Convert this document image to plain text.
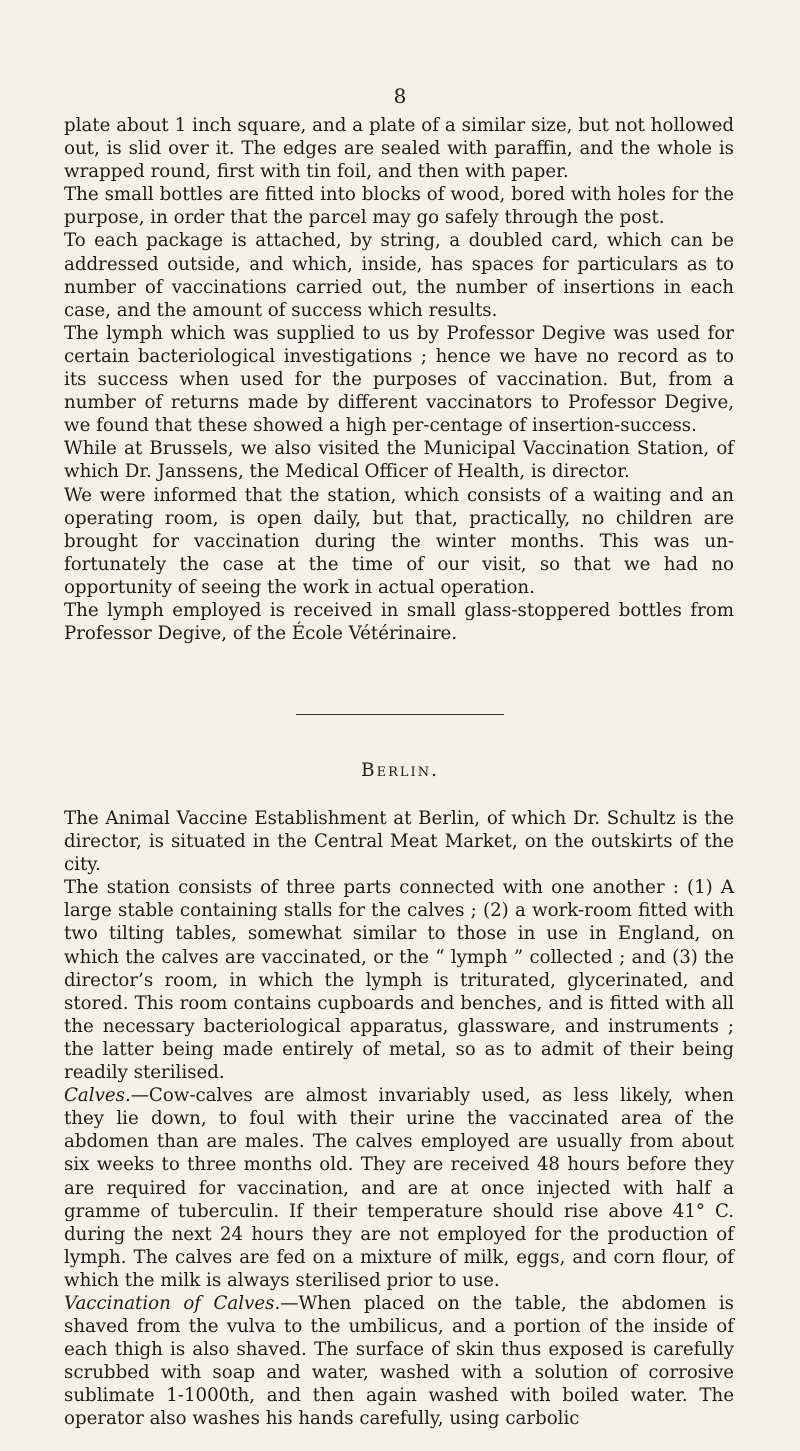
8

plate about 1 inch square, and a plate of a similar size, but not hollowed out, is slid over it. The edges are sealed with paraffin, and the whole is wrapped round, first with tin foil, and then with paper.

The small bottles are fitted into blocks of wood, bored with holes for the purpose, in order that the parcel may go safely through the post.

To each package is attached, by string, a doubled card, which can be addressed outside, and which, inside, has spaces for particulars as to number of vaccinations carried out, the number of insertions in each case, and the amount of success which results.

The lymph which was supplied to us by Professor Degive was used for certain bacteriological investigations ; hence we have no record as to its success when used for the purposes of vaccination. But, from a number of returns made by different vaccinators to Professor Degive, we found that these showed a high per-centage of insertion-success.

While at Brussels, we also visited the Municipal Vaccination Station, of which Dr. Janssens, the Medical Officer of Health, is director.

We were informed that the station, which consists of a waiting and an operating room, is open daily, but that, practically, no children are brought for vaccination during the winter months. This was un-fortunately the case at the time of our visit, so that we had no opportunity of seeing the work in actual operation.

The lymph employed is received in small glass-stoppered bottles from Professor Degive, of the École Vétérinaire.

Berlin.

The Animal Vaccine Establishment at Berlin, of which Dr. Schultz is the director, is situated in the Central Meat Market, on the outskirts of the city.

The station consists of three parts connected with one another : (1) A large stable containing stalls for the calves ; (2) a work-room fitted with two tilting tables, somewhat similar to those in use in England, on which the calves are vaccinated, or the “ lymph ” collected ; and (3) the director’s room, in which the lymph is triturated, glycerinated, and stored. This room contains cupboards and benches, and is fitted with all the necessary bacteriological apparatus, glassware, and instruments ; the latter being made entirely of metal, so as to admit of their being readily sterilised.

Calves.—Cow-calves are almost invariably used, as less likely, when they lie down, to foul with their urine the vaccinated area of the abdomen than are males. The calves employed are usually from about six weeks to three months old. They are received 48 hours before they are required for vaccination, and are at once injected with half a gramme of tuberculin. If their temperature should rise above 41° C. during the next 24 hours they are not employed for the production of lymph. The calves are fed on a mixture of milk, eggs, and corn flour, of which the milk is always sterilised prior to use.

Vaccination of Calves.—When placed on the table, the abdomen is shaved from the vulva to the umbilicus, and a portion of the inside of each thigh is also shaved. The surface of skin thus exposed is carefully scrubbed with soap and water, washed with a solution of corrosive sublimate 1-1000th, and then again washed with boiled water. The operator also washes his hands carefully, using carbolic
